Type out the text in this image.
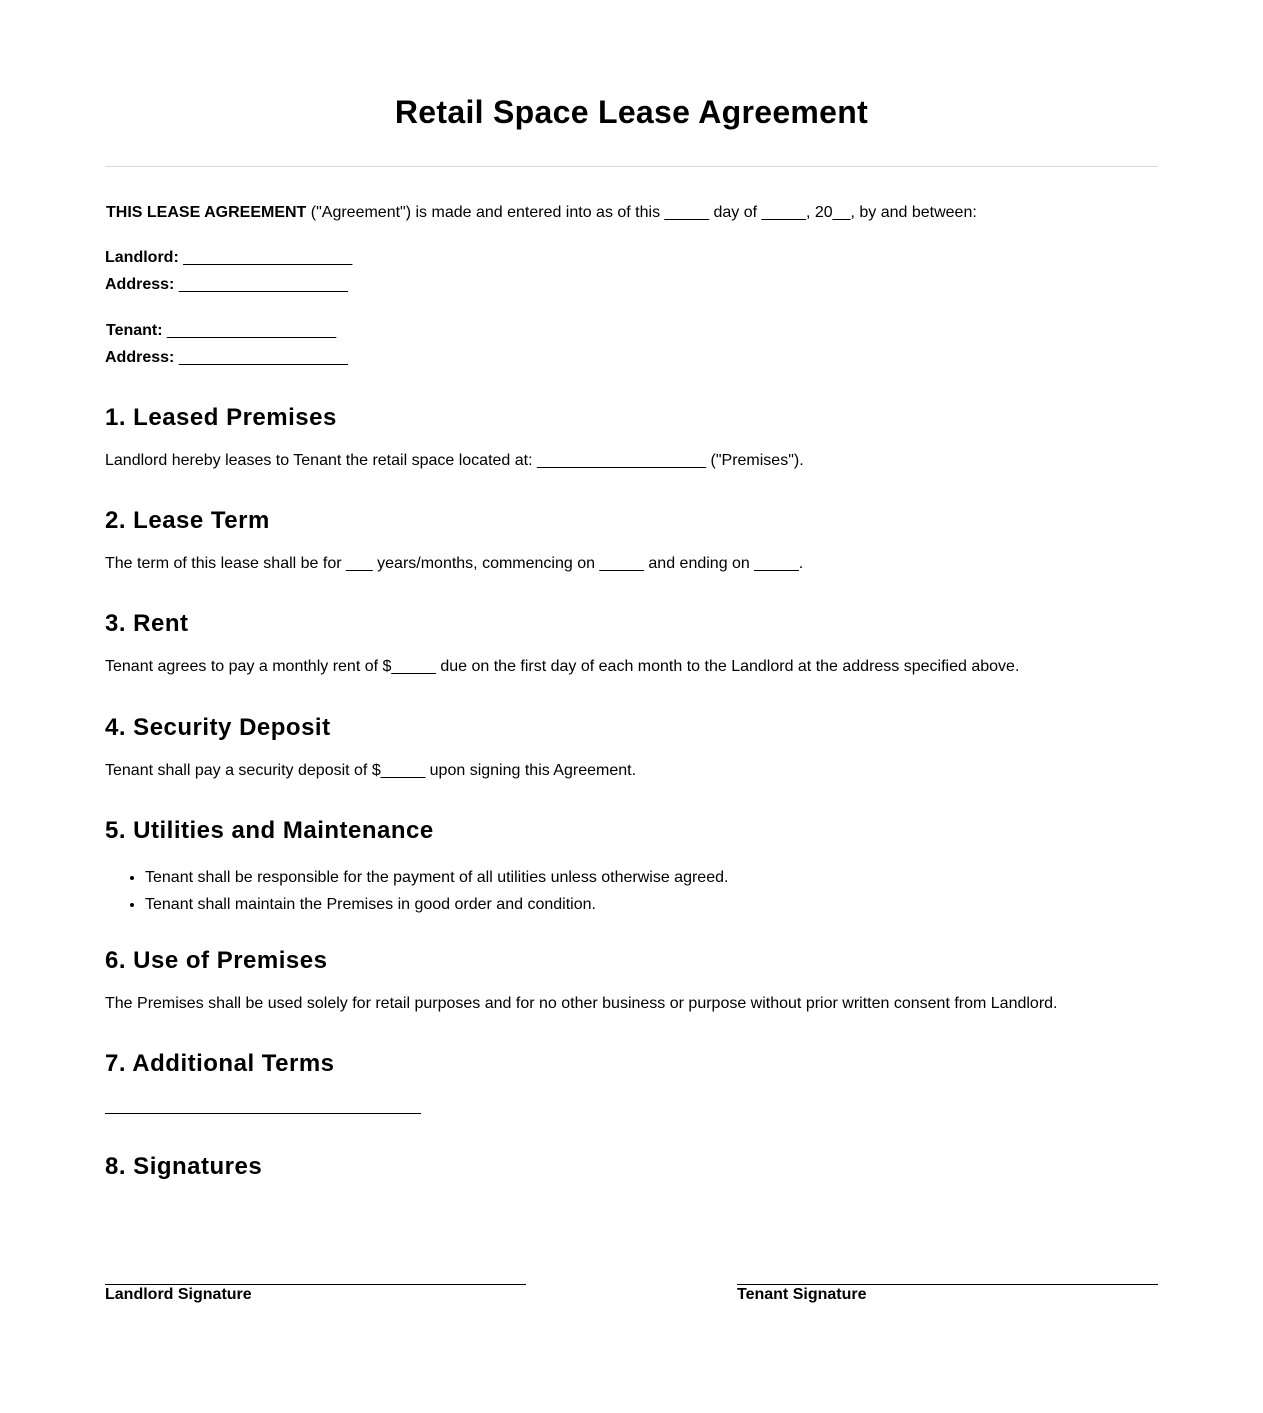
Retail Space Lease Agreement
THIS LEASE AGREEMENT ("Agreement") is made and entered into as of this _____ day of _____, 20__, by and between:
Landlord: ___________________
Address: ___________________
Tenant: ___________________
Address: ___________________
1. Leased Premises
Landlord hereby leases to Tenant the retail space located at: ___________________ ("Premises").
2. Lease Term
The term of this lease shall be for ___ years/months, commencing on _____ and ending on _____.
3. Rent
Tenant agrees to pay a monthly rent of $_____ due on the first day of each month to the Landlord at the address specified above.
4. Security Deposit
Tenant shall pay a security deposit of $_____ upon signing this Agreement.
5. Utilities and Maintenance
• Tenant shall be responsible for the payment of all utilities unless otherwise agreed.
• Tenant shall maintain the Premises in good order and condition.
6. Use of Premises
The Premises shall be used solely for retail purposes and for no other business or purpose without prior written consent from Landlord.
7. Additional Terms
8. Signatures
Landlord Signature	Tenant Signature
